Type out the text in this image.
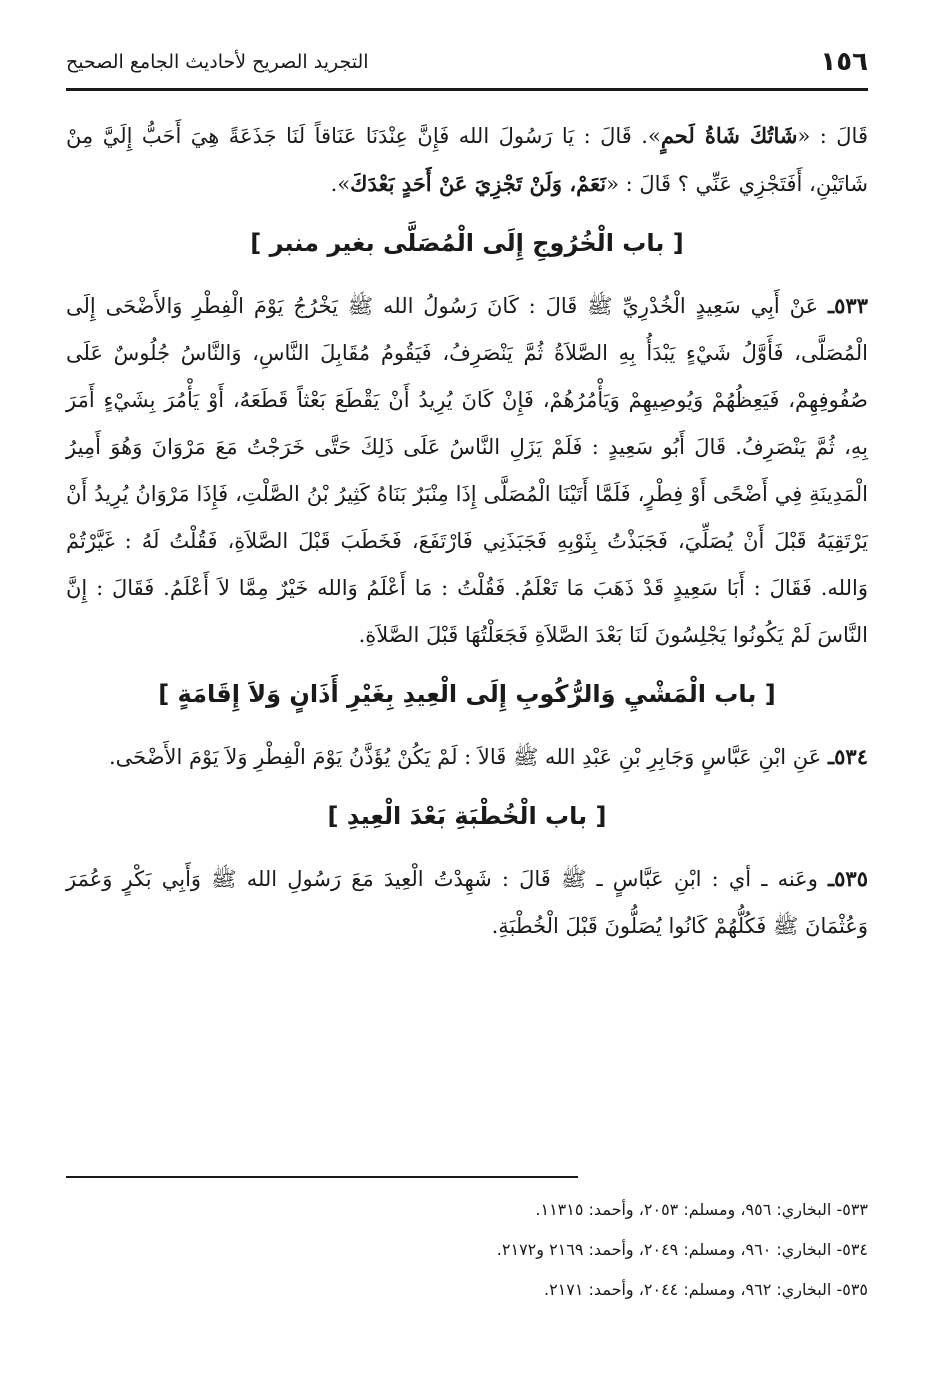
١٥٦
التجريد الصريح لأحاديث الجامع الصحيح

قَالَ : «شَاتُكَ شَاةُ لَحمٍ». قَالَ : يَا رَسُولَ الله فَإِنَّ عِنْدَنَا عَنَاقاً لَنَا جَذَعَةً هِيَ أَحَبُّ إِلَيَّ مِنْ شَاتَيْنِ، أَفَتَجْزِي عَنِّي ؟ قَالَ : «نَعَمْ، وَلَنْ تَجْزِيَ عَنْ أَحَدٍ بَعْدَكَ».

[ باب الْخُرُوجِ إِلَى الْمُصَلَّى بغير منبر ]

٥٣٣ـ عَنْ أَبِي سَعِيدٍ الْخُدْرِيِّ ﷺ قَالَ : كَانَ رَسُولُ الله ﷺ يَخْرُجُ يَوْمَ الْفِطْرِ وَالأَضْحَى إِلَى الْمُصَلَّى، فَأَوَّلُ شَيْءٍ يَبْدَأُ بِهِ الصَّلاَةُ ثُمَّ يَنْصَرِفُ، فَيَقُومُ مُقَابِلَ النَّاسِ، وَالنَّاسُ جُلُوسٌ عَلَى صُفُوفِهِمْ، فَيَعِظُهُمْ وَيُوصِيهِمْ وَيَأْمُرُهُمْ، فَإِنْ كَانَ يُرِيدُ أَنْ يَقْطَعَ بَعْثاً قَطَعَهُ، أَوْ يَأْمُرَ بِشَيْءٍ أَمَرَ بِهِ، ثُمَّ يَنْصَرِفُ. قَالَ أَبُو سَعِيدٍ : فَلَمْ يَزَلِ النَّاسُ عَلَى ذَلِكَ حَتَّى خَرَجْتُ مَعَ مَرْوَانَ وَهُوَ أَمِيرُ الْمَدِينَةِ فِي أَضْحًى أَوْ فِطْرٍ، فَلَمَّا أَتَيْنَا الْمُصَلَّى إِذَا مِنْبَرٌ بَنَاهُ كَثِيرُ بْنُ الصَّلْتِ، فَإِذَا مَرْوَانُ يُرِيدُ أَنْ يَرْتَقِيَهُ قَبْلَ أَنْ يُصَلِّيَ، فَجَبَذْتُ بِثَوْبِهِ فَجَبَذَنِي فَارْتَفَعَ، فَخَطَبَ قَبْلَ الصَّلاَةِ، فَقُلْتُ لَهُ : غَيَّرْتُمْ وَالله. فَقَالَ : أَبَا سَعِيدٍ قَدْ ذَهَبَ مَا تَعْلَمُ. فَقُلْتُ : مَا أَعْلَمُ وَالله خَيْرٌ مِمَّا لاَ أَعْلَمُ. فَقَالَ : إِنَّ النَّاسَ لَمْ يَكُونُوا يَجْلِسُونَ لَنَا بَعْدَ الصَّلاَةِ فَجَعَلْتُهَا قَبْلَ الصَّلاَةِ.

[ باب الْمَشْيِ وَالرُّكُوبِ إِلَى الْعِيدِ بِغَيْرِ أَذَانٍ وَلاَ إِقَامَةٍ ]

٥٣٤ـ عَنِ ابْنِ عَبَّاسٍ وَجَابِرِ بْنِ عَبْدِ الله ﷺ قَالاَ : لَمْ يَكُنْ يُؤَذَّنُ يَوْمَ الْفِطْرِ وَلاَ يَوْمَ الأَضْحَى.

[ باب الْخُطْبَةِ بَعْدَ الْعِيدِ ]

٥٣٥ـ وعَنه ـ أي : ابْنِ عَبَّاسٍ ـ ﷺ قَالَ : شَهِدْتُ الْعِيدَ مَعَ رَسُولِ الله ﷺ وَأَبِي بَكْرٍ وَعُمَرَ وَعُثْمَانَ ﷺ فَكُلُّهُمْ كَانُوا يُصَلُّونَ قَبْلَ الْخُطْبَةِ.

٥٣٣- البخاري: ٩٥٦، ومسلم: ٢٠٥٣، وأحمد: ١١٣١٥.
٥٣٤- البخاري: ٩٦٠، ومسلم: ٢٠٤٩، وأحمد: ٢١٦٩ و٢١٧٢.
٥٣٥- البخاري: ٩٦٢، ومسلم: ٢٠٤٤، وأحمد: ٢١٧١.
